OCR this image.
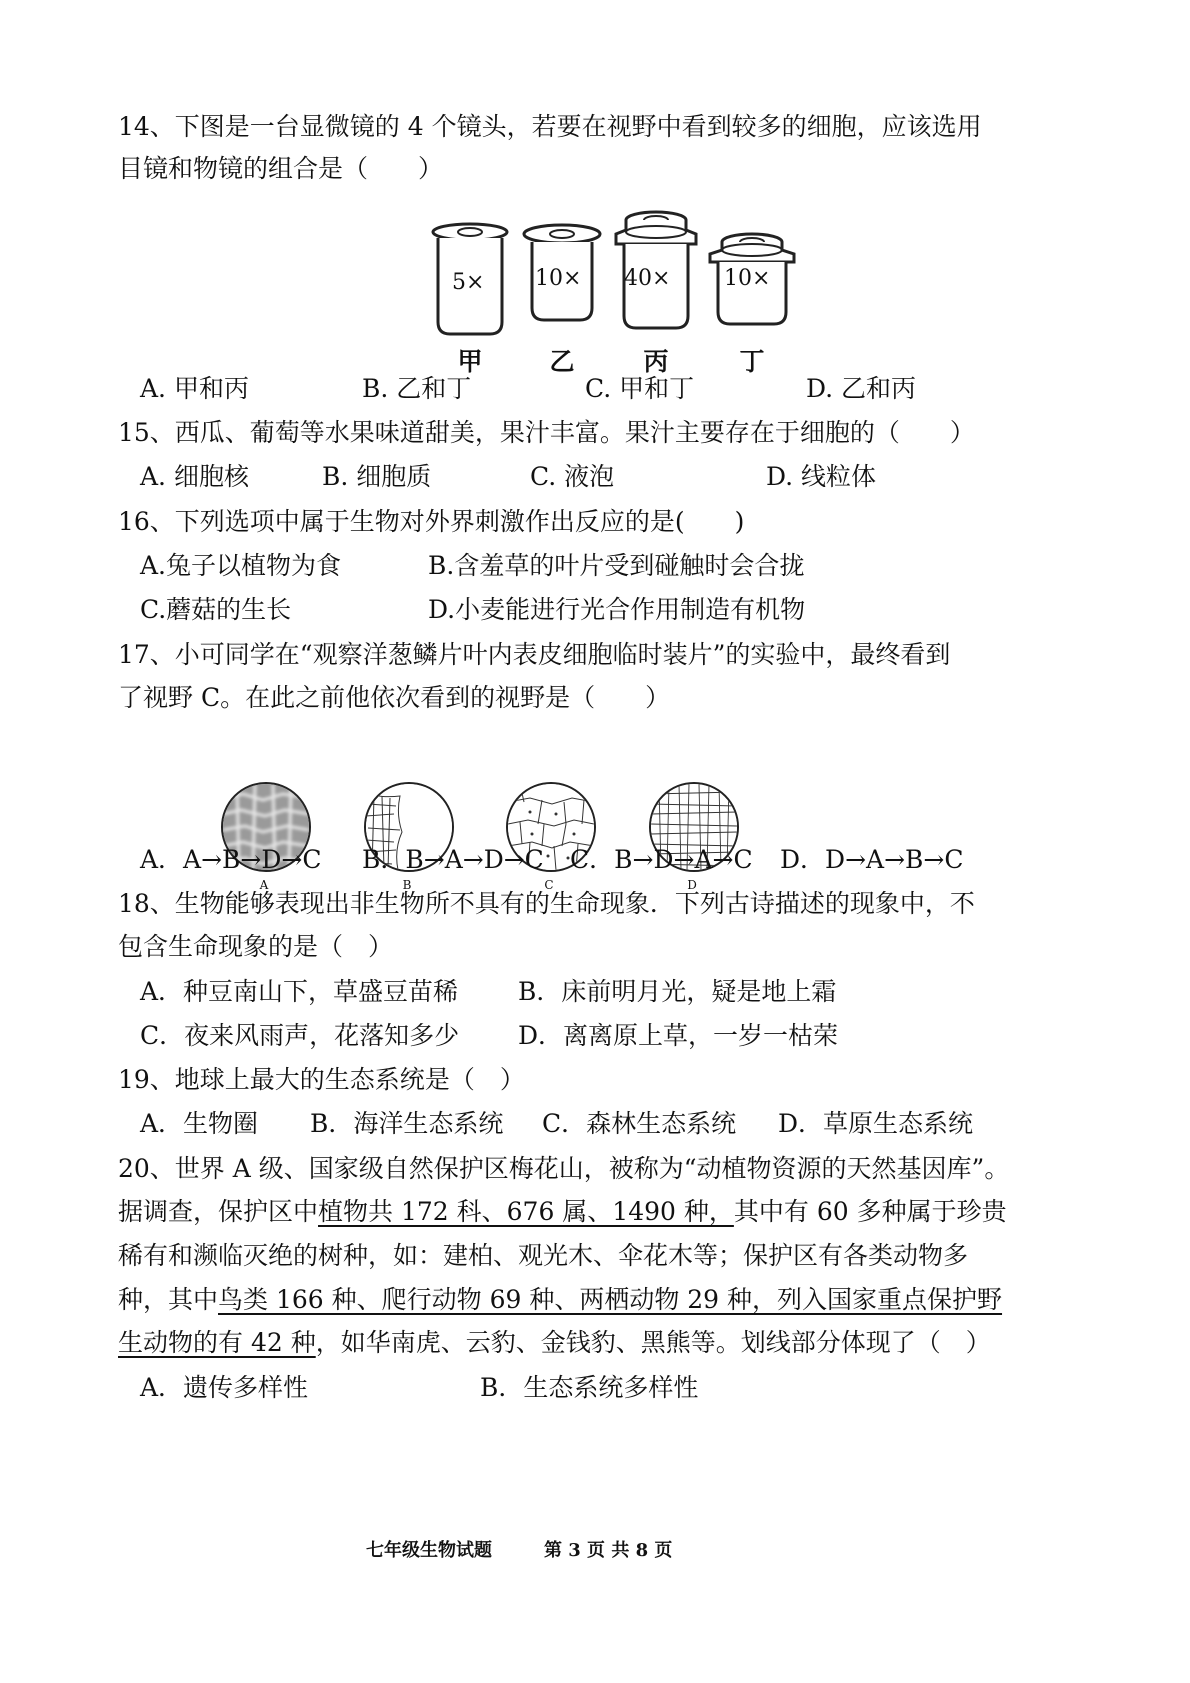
14、下图是一台显微镜的 4 个镜头，若要在视野中看到较多的细胞，应该选用
目镜和物镜的组合是（　　）
5× 10× 40× 10×
甲	乙	丙	丁
A. 甲和丙	B. 乙和丁	C. 甲和丁	D. 乙和丙
15、西瓜、葡萄等水果味道甜美，果汁丰富。果汁主要存在于细胞的（　　）
A. 细胞核	B. 细胞质	C. 液泡	D. 线粒体
16、下列选项中属于生物对外界刺激作出反应的是(　　)
A.兔子以植物为食	B.含羞草的叶片受到碰触时会合拢
C.蘑菇的生长	D.小麦能进行光合作用制造有机物
17、小可同学在“观察洋葱鳞片叶内表皮细胞临时装片”的实验中，最终看到
了视野 C。在此之前他依次看到的视野是（　　）
A	B	C	D
A．A→B→D→C B．B→A→D→C C．B→D→A→C D．D→A→B→C
18、生物能够表现出非生物所不具有的生命现象．下列古诗描述的现象中，不
包含生命现象的是（　）
A．种豆南山下，草盛豆苗稀 B．床前明月光，疑是地上霜
C．夜来风雨声，花落知多少 D．离离原上草，一岁一枯荣
19、地球上最大的生态系统是（　）
A．生物圈 B．海洋生态系统 C．森林生态系统 D．草原生态系统
20、世界 A 级、国家级自然保护区梅花山，被称为“动植物资源的天然基因库”。
据调查，保护区中植物共 172 科、676 属、1490 种，其中有 60 多种属于珍贵
稀有和濒临灭绝的树种，如：建柏、观光木、伞花木等；保护区有各类动物多
种，其中鸟类 166 种、爬行动物 69 种、两栖动物 29 种，列入国家重点保护野
生动物的有 42 种，如华南虎、云豹、金钱豹、黑熊等。划线部分体现了（　）
A．遗传多样性	B．生态系统多样性
七年级生物试题	第 3 页 共 8 页
